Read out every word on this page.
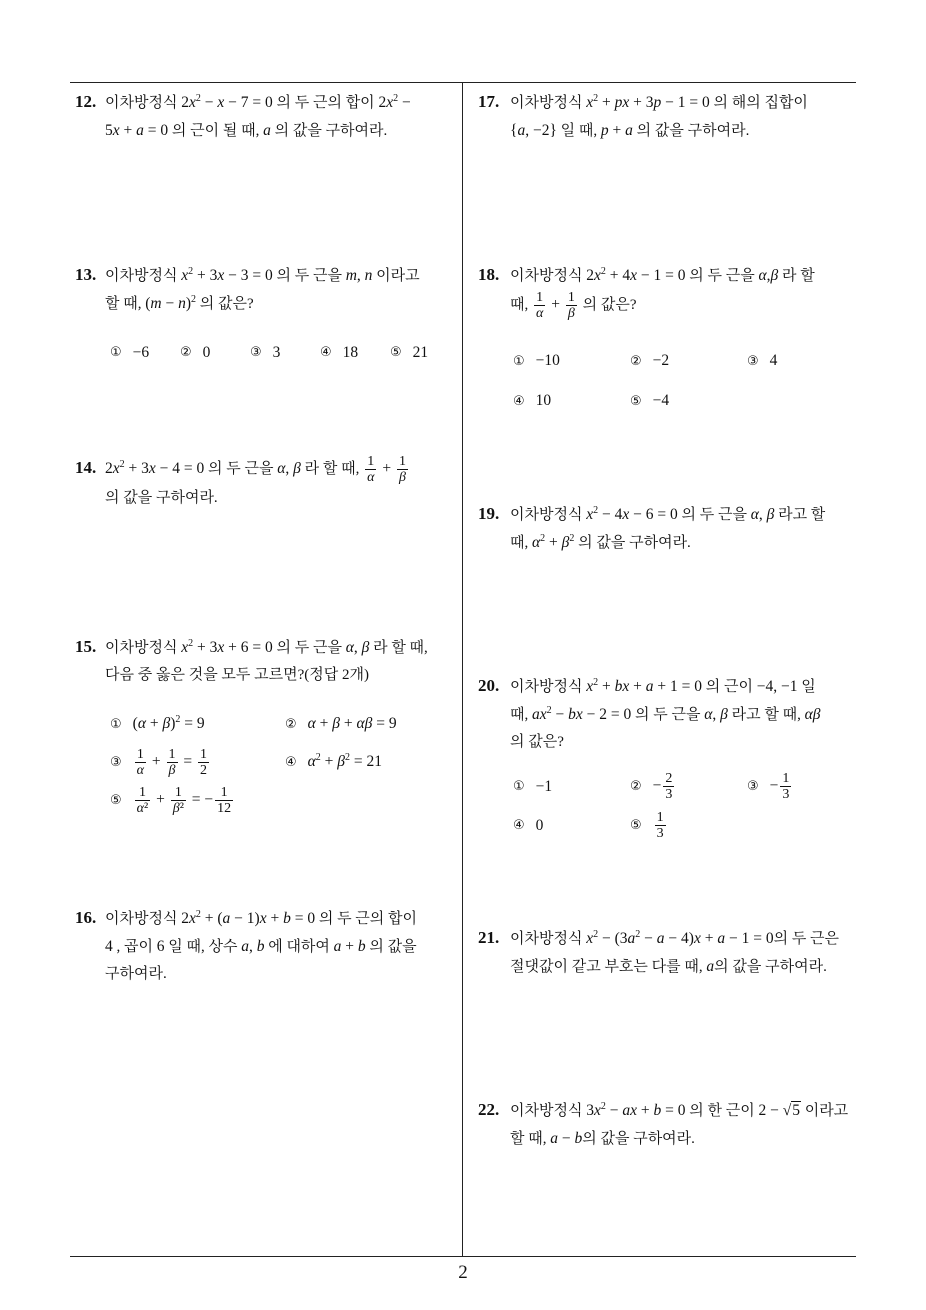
2
12. 이차방정식 $2x^2 - x - 7 = 0$ 의 두 근의 합이 $2x^2$ −
5x + a = 0 의 근이 될 때, a 의 값을 구하여라.
13. 이차방정식 $x^2 + 3x - 3 = 0$ 의 두 근을 m, n 이라고
할 때, $(m - n)^2$ 의 값은?
① −6 ② 0	③ 3	④ 18 ⑤ 21
14. $2x^2 + 3x - 4 = 0$ 의 두 근을 α, β 라 할 때, $\frac{1}{\alpha} + \frac{1}{\beta}$
의 값을 구하여라.
15. 이차방정식 $x^2 + 3x + 6 = 0$ 의 두 근을 α, β 라 할 때,
다음 중 옳은 것을 모두 고르면?(정답 2개)
① $(\alpha + \beta)^2 = 9$	② α + β + αβ = 9
③ $\frac{1}{\alpha} + \frac{1}{\beta} = \frac{1}{2}$	④ $\alpha^2 + \beta^2 = 21$
⑤ $\frac{1}{\text{α²}} + \frac{1}{\text{β²}}$ = − $\frac{1}{12}$
16. 이차방정식 $2x^2 + (a - 1)x + b = 0$ 의 두 근의 합이
4 , 곱이 6 일 때, 상수 a, b 에 대하여 a + b 의 값을
구하여라.
17. 이차방정식 $x^2$ + px + 3p − 1 = 0 의 해의 집합이
{a, −2} 일 때, p + a 의 값을 구하여라.
18. 이차방정식 $2x^2 + 4x - 1 = 0$ 의 두 근을 α,β 라 할
때, $\frac{1}{\alpha} + \frac{1}{\beta}$ 의 값은?
① −10	② −2	③ 4
④ 10	⑤ −4
19. 이차방정식 $x^2 - 4x - 6 = 0$ 의 두 근을 α, β 라고 할
때, $\alpha^2 + \beta^2$ 의 값을 구하여라.
20. 이차방정식 $x^2$ + bx + a + 1 = 0 의 근이 −4, −1 일
때, $ax^2$ − bx − 2 = 0 의 두 근을 α, β 라고 할 때, αβ
의 값은?
① −1	② − $\frac{2}{3}$	③ − $\frac{1}{3}$
④ 0	⑤ $\frac{1}{3}$
21. 이차방정식 $x^2 - (3a^2 - a - 4)x + a - 1 = 0$의 두 근은
절댓값이 같고 부호는 다를 때, a의 값을 구하여라.
22. 이차방정식 $3x^2$ − ax + b = 0 의 한 근이 2 − √5 이라고
할 때, a − b의 값을 구하여라.
